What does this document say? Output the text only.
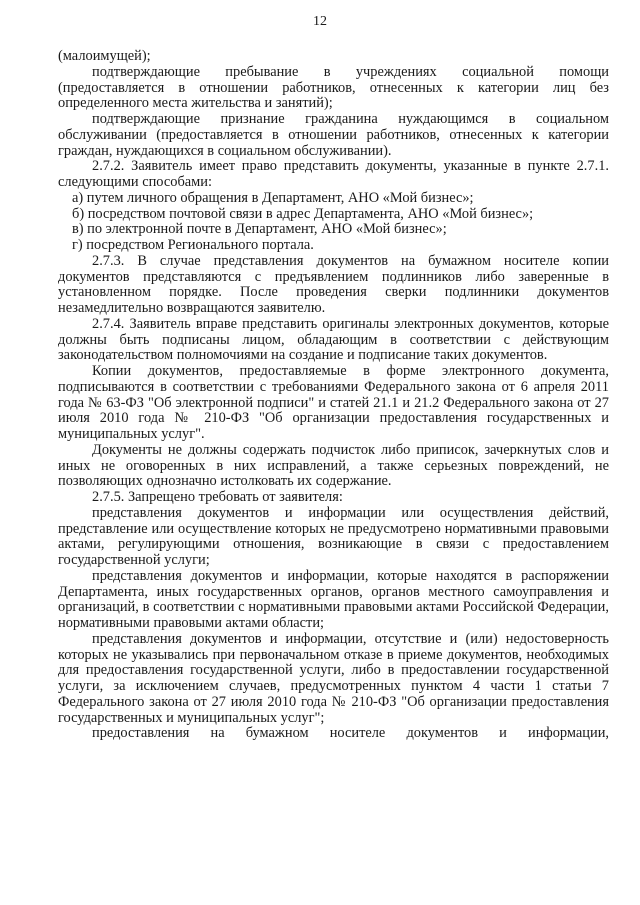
12

(малоимущей);

подтверждающие пребывание в учреждениях социальной помощи (предоставляется в отношении работников, отнесенных к категории лиц без определенного места жительства и занятий);

подтверждающие признание гражданина нуждающимся в социальном обслуживании (предоставляется в отношении работников, отнесенных к категории граждан, нуждающихся в социальном обслуживании).

2.7.2. Заявитель имеет право представить документы, указанные в пункте 2.7.1. следующими способами:

а) путем личного обращения в Департамент, АНО «Мой бизнес»;

б) посредством почтовой связи в адрес Департамента, АНО «Мой бизнес»;

в) по электронной почте в Департамент, АНО «Мой бизнес»;

г) посредством Регионального портала.

2.7.3. В случае представления документов на бумажном носителе копии документов представляются с предъявлением подлинников либо заверенные в установленном порядке. После проведения сверки подлинники документов незамедлительно возвращаются заявителю.

2.7.4. Заявитель вправе представить оригиналы электронных документов, которые должны быть подписаны лицом, обладающим в соответствии с действующим законодательством полномочиями на создание и подписание таких документов.

Копии документов, предоставляемые в форме электронного документа, подписываются в соответствии с требованиями Федерального закона от 6 апреля 2011 года № 63-ФЗ "Об электронной подписи" и статей 21.1 и 21.2 Федерального закона от 27 июля 2010 года № 210-ФЗ "Об организации предоставления государственных и муниципальных услуг".

Документы не должны содержать подчисток либо приписок, зачеркнутых слов и иных не оговоренных в них исправлений, а также серьезных повреждений, не позволяющих однозначно истолковать их содержание.

2.7.5. Запрещено требовать от заявителя:

представления документов и информации или осуществления действий, представление или осуществление которых не предусмотрено нормативными правовыми актами, регулирующими отношения, возникающие в связи с предоставлением государственной услуги;

представления документов и информации, которые находятся в распоряжении Департамента, иных государственных органов, органов местного самоуправления и организаций, в соответствии с нормативными правовыми актами Российской Федерации, нормативными правовыми актами области;

представления документов и информации, отсутствие и (или) недостоверность которых не указывались при первоначальном отказе в приеме документов, необходимых для предоставления государственной услуги, либо в предоставлении государственной услуги, за исключением случаев, предусмотренных пунктом 4 части 1 статьи 7 Федерального закона от 27 июля 2010 года № 210-ФЗ "Об организации предоставления государственных и муниципальных услуг";

предоставления на бумажном носителе документов и информации,
